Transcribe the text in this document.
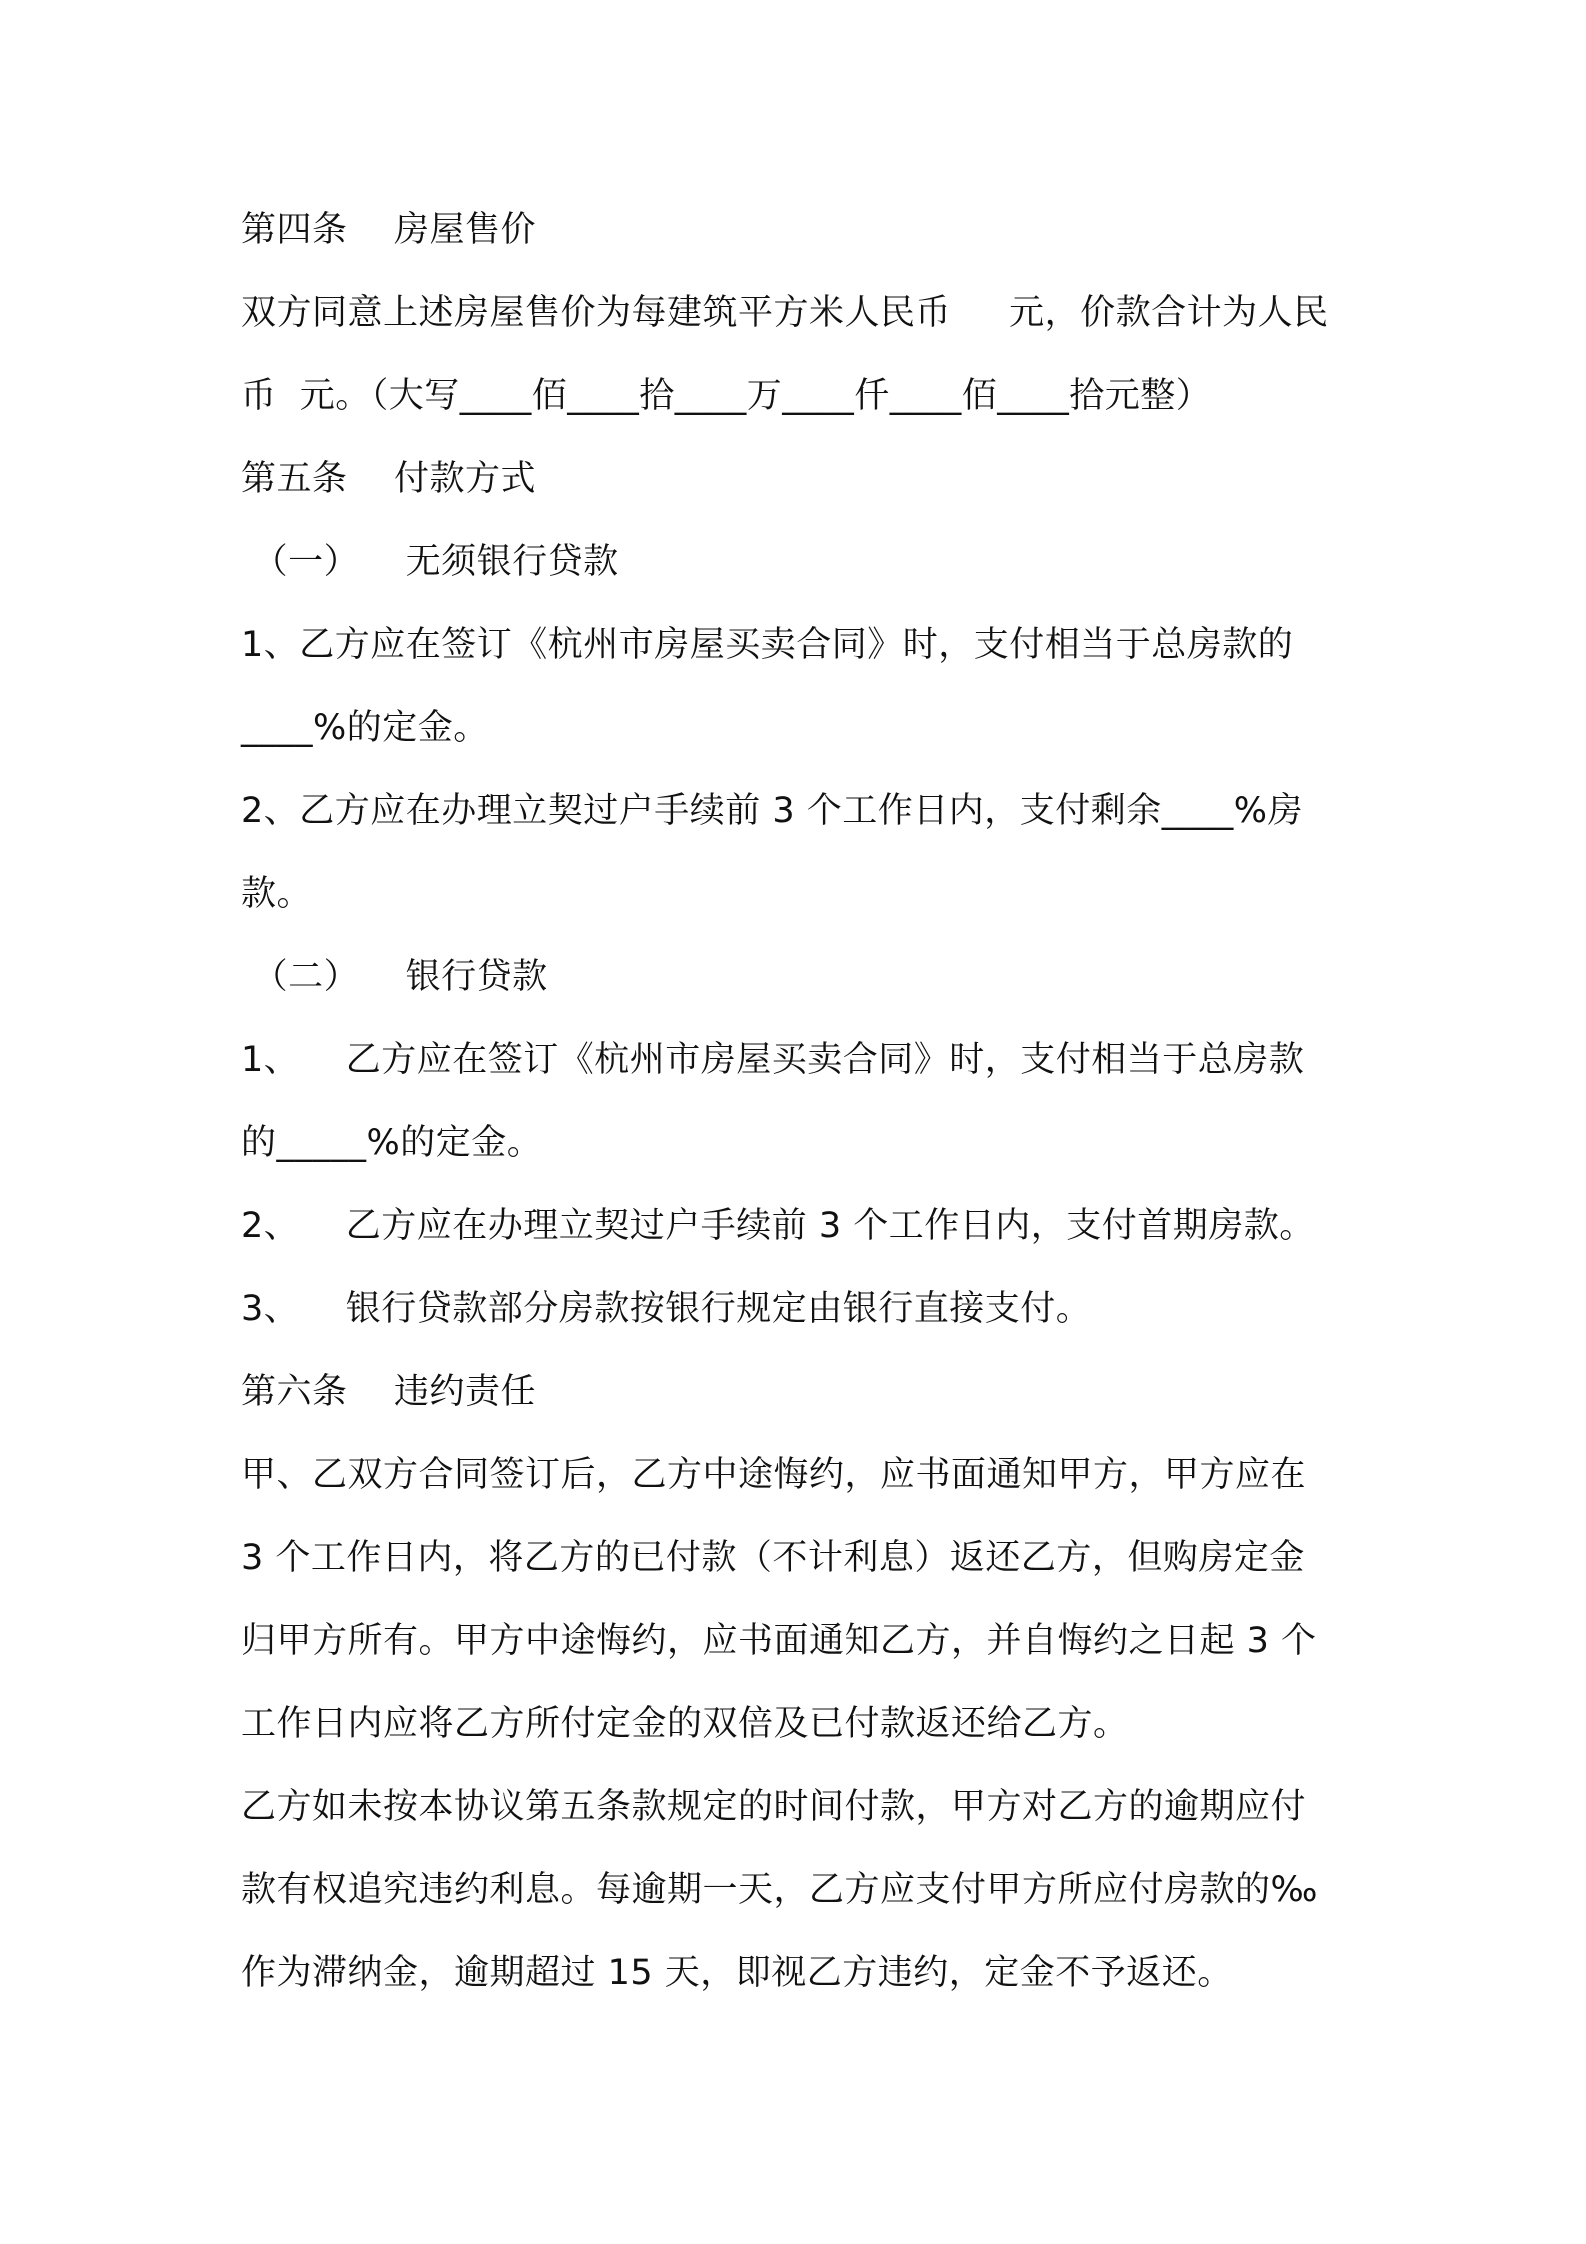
第四条    房屋售价
双方同意上述房屋售价为每建筑平方米人民币     元，价款合计为人民
币  元。（大写____佰____拾____万____仟____佰____拾元整）
第五条    付款方式
（一）    无须银行贷款
1、乙方应在签订《杭州市房屋买卖合同》时，支付相当于总房款的
____%的定金。
2、乙方应在办理立契过户手续前 3 个工作日内，支付剩余____%房
款。
（二）    银行贷款
1、    乙方应在签订《杭州市房屋买卖合同》时，支付相当于总房款
的_____%的定金。
2、    乙方应在办理立契过户手续前 3 个工作日内，支付首期房款。
3、    银行贷款部分房款按银行规定由银行直接支付。
第六条    违约责任
甲、乙双方合同签订后，乙方中途悔约，应书面通知甲方，甲方应在
3 个工作日内，将乙方的已付款（不计利息）返还乙方，但购房定金
归甲方所有。甲方中途悔约，应书面通知乙方，并自悔约之日起 3 个
工作日内应将乙方所付定金的双倍及已付款返还给乙方。
乙方如未按本协议第五条款规定的时间付款，甲方对乙方的逾期应付
款有权追究违约利息。每逾期一天，乙方应支付甲方所应付房款的‰
作为滞纳金，逾期超过 15 天，即视乙方违约，定金不予返还。
